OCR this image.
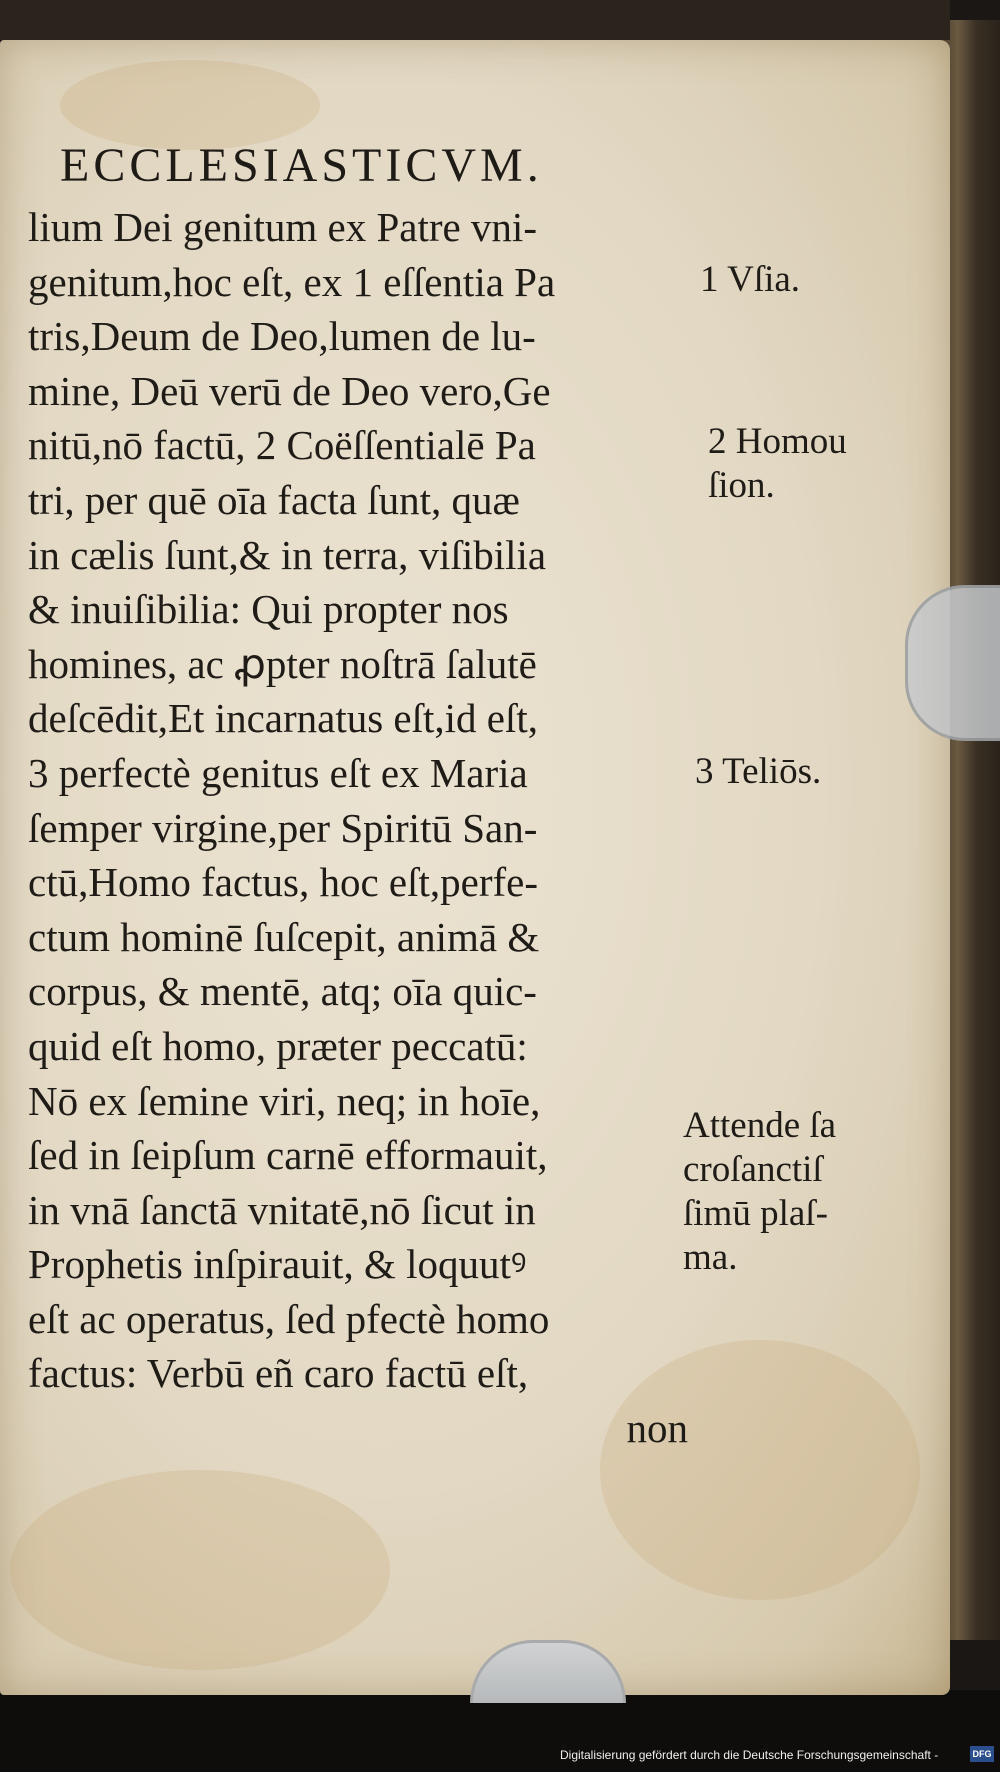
ECCLESIASTICVM.
lium Dei genitum ex Patre vni-
genitum,hoc eſt, ex 1 eſſentia Pa
tris,Deum de Deo,lumen de lu-
mine, Deū verū de Deo vero,Ge
nitū,nō factū, 2 Coëſſentialē Pa
tri, per quē oīa facta ſunt, quæ
in cælis ſunt,& in terra, viſibilia
& inuiſibilia: Qui propter nos
homines, ac ꝓpter noſtrā ſalutē
deſcēdit,Et incarnatus eſt,id eſt,
3 perfectè genitus eſt ex Maria
ſemper virgine,per Spiritū San-
ctū,Homo factus, hoc eſt,perfe-
ctum hominē ſuſcepit, animā &
corpus, & mentē, atq; oīa quic-
quid eſt homo, præter peccatū:
Nō ex ſemine viri, neq; in hoīe,
ſed in ſeipſum carnē efformauit,
in vnā ſanctā vnitatē,nō ſicut in
Prophetis inſpirauit, & loquutꝰ
eſt ac operatus, ſed pfectè homo
factus: Verbū eñ caro factū eſt,
non
1 Vſia.
2 Homou
ſion.
3 Teliōs.
Attende ſa
croſanctiſ
ſimū plaſ-
ma.
Digitalisierung gefördert durch die Deutsche Forschungsgemeinschaft -	DFG
